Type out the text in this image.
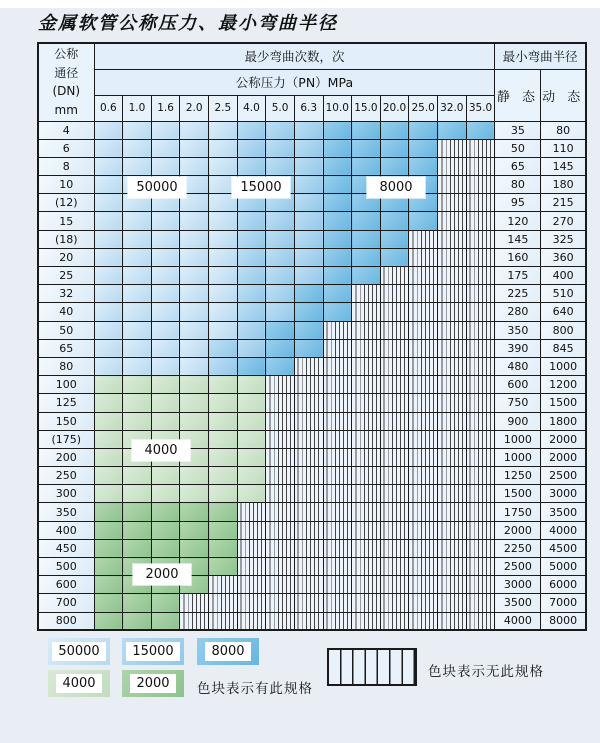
金属软管公称压力、最小弯曲半径
公称
通径
(DN)
mm	最少弯曲次数，次														最小弯曲半径	
	公称压力（PN）MPa														静 态	动 态
	0.6	1.0	1.6	2.0	2.5	4.0	5.0	6.3	10.0	15.0	20.0	25.0	32.0	35.0		
4															35	80
6															50	110
8															65	145
10															80	180
(12)															95	215
15															120	270
(18)															145	325
20															160	360
25															175	400
32															225	510
40															280	640
50															350	800
65															390	845
80															480	1000
100															600	1200
125															750	1500
150															900	1800
(175)															1000	2000
200															1000	2000
250															1250	2500
300															1500	3000
350															1750	3500
400															2000	4000
450															2250	4500
500															2500	5000
600															3000	6000
700															3500	7000
800															4000	8000
色块表示有此规格
色块表示无此规格
50000	15000	8000
4000
2000
50000	15000	8000
4000	2000
